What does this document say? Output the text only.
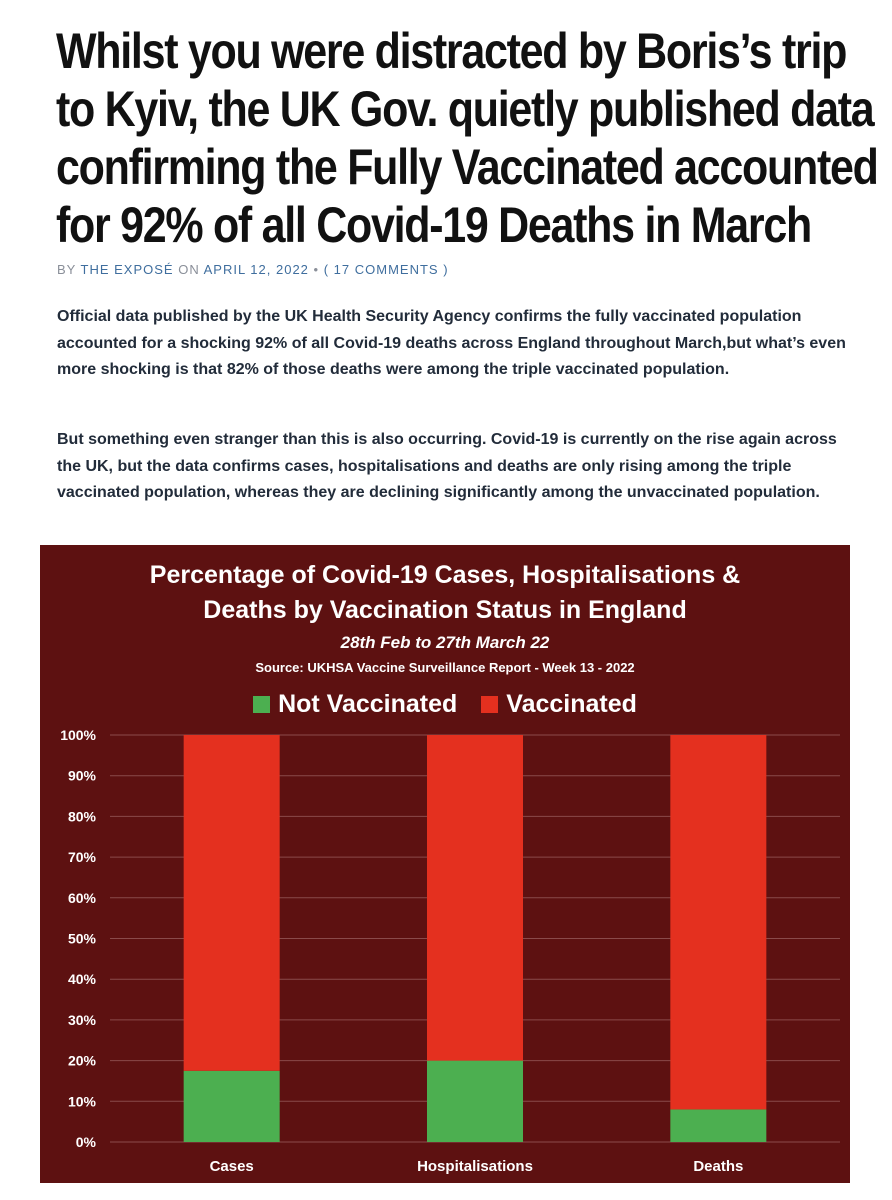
Whilst you were distracted by Boris’s trip
to Kyiv, the UK Gov. quietly published data
confirming the Fully Vaccinated accounted
for 92% of all Covid-19 Deaths in March
BY THE EXPOSÉ ON APRIL 12, 2022 • ( 17 COMMENTS )

Official data published by the UK Health Security Agency confirms the fully vaccinated population accounted for a shocking 92% of all Covid-19 deaths across England throughout March,but what’s even more shocking is that 82% of those deaths were among the triple vaccinated population.

But something even stranger than this is also occurring. Covid-19 is currently on the rise again across the UK, but the data confirms cases, hospitalisations and deaths are only rising among the triple vaccinated population, whereas they are declining significantly among the unvaccinated population.

Percentage of Covid-19 Cases, Hospitalisations &
Deaths by Vaccination Status in England
28th Feb to 27th March 22
Source: UKHSA Vaccine Surveillance Report - Week 13 - 2022
Not Vaccinated Vaccinated
0%
10%
20%
30%
40%
50%
60%
70%
80%
90%
100%
Cases	Hospitalisations	Deaths
